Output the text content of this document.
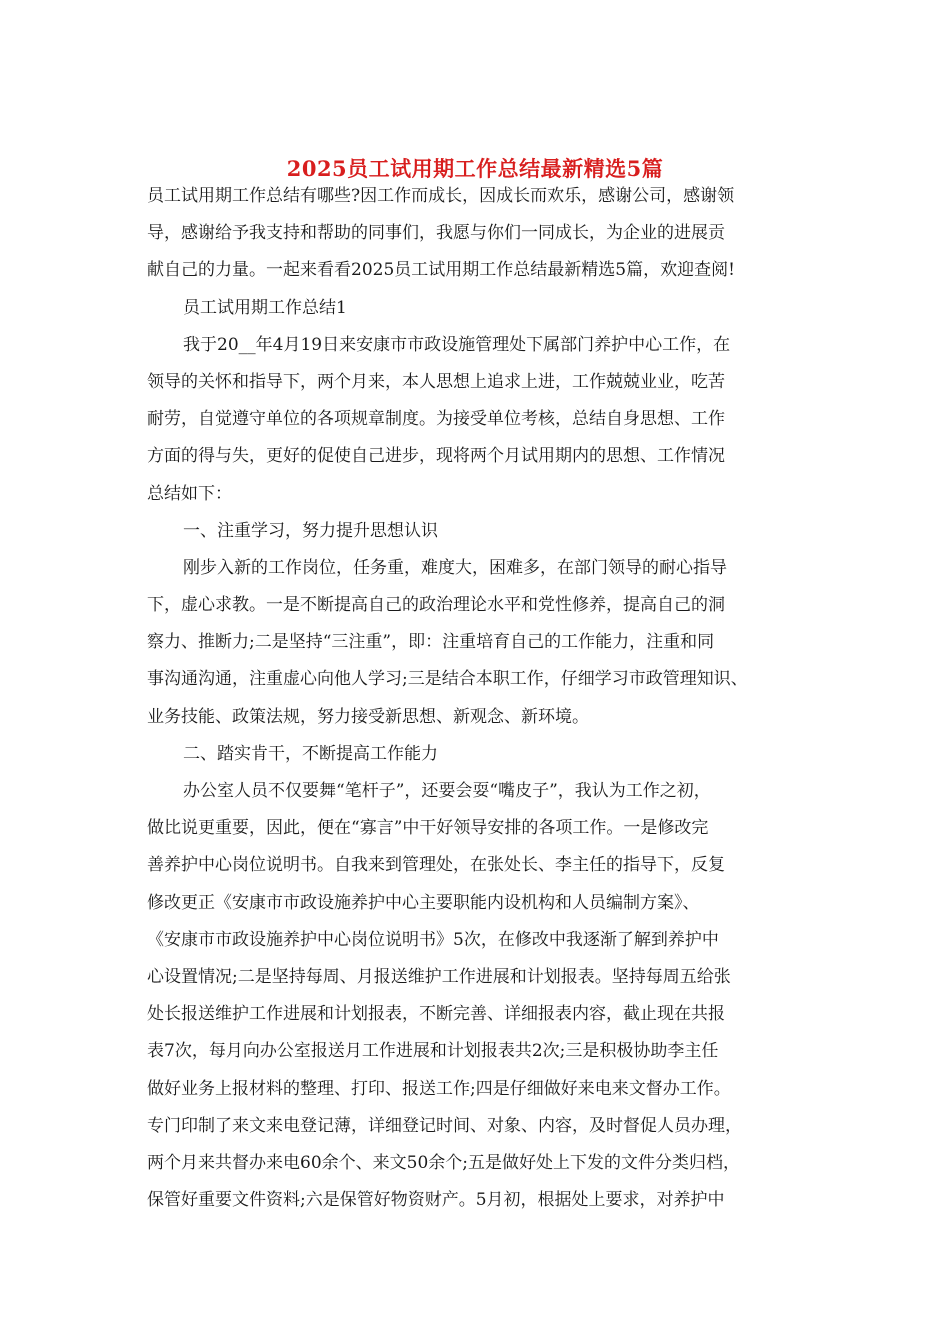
2025员工试用期工作总结最新精选5篇
员工试用期工作总结有哪些?因工作而成长，因成长而欢乐，感谢公司，感谢领
导，感谢给予我支持和帮助的同事们，我愿与你们一同成长，为企业的进展贡
献自己的力量。一起来看看2025员工试用期工作总结最新精选5篇，欢迎查阅!
员工试用期工作总结1
我于20__年4月19日来安康市市政设施管理处下属部门养护中心工作，在
领导的关怀和指导下，两个月来，本人思想上追求上进，工作兢兢业业，吃苦
耐劳，自觉遵守单位的各项规章制度。为接受单位考核，总结自身思想、工作
方面的得与失，更好的促使自己进步，现将两个月试用期内的思想、工作情况
总结如下：
一、注重学习，努力提升思想认识
刚步入新的工作岗位，任务重，难度大，困难多，在部门领导的耐心指导
下，虚心求教。一是不断提高自己的政治理论水平和党性修养，提高自己的洞
察力、推断力;二是坚持“三注重”，即：注重培育自己的工作能力，注重和同
事沟通沟通，注重虚心向他人学习;三是结合本职工作，仔细学习市政管理知识、
业务技能、政策法规，努力接受新思想、新观念、新环境。
二、踏实肯干，不断提高工作能力
办公室人员不仅要舞“笔杆子”，还要会耍“嘴皮子”，我认为工作之初，
做比说更重要，因此，便在“寡言”中干好领导安排的各项工作。一是修改完
善养护中心岗位说明书。自我来到管理处，在张处长、李主任的指导下，反复
修改更正《安康市市政设施养护中心主要职能内设机构和人员编制方案》、
《安康市市政设施养护中心岗位说明书》5次，在修改中我逐渐了解到养护中
心设置情况;二是坚持每周、月报送维护工作进展和计划报表。坚持每周五给张
处长报送维护工作进展和计划报表，不断完善、详细报表内容，截止现在共报
表7次，每月向办公室报送月工作进展和计划报表共2次;三是积极协助李主任
做好业务上报材料的整理、打印、报送工作;四是仔细做好来电来文督办工作。
专门印制了来文来电登记薄，详细登记时间、对象、内容，及时督促人员办理，
两个月来共督办来电60余个、来文50余个;五是做好处上下发的文件分类归档，
保管好重要文件资料;六是保管好物资财产。5月初，根据处上要求，对养护中
